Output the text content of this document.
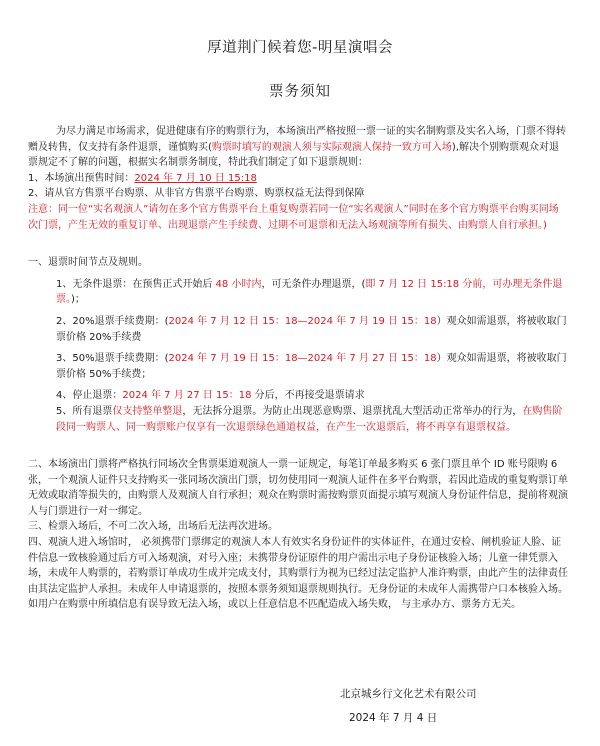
厚道荆门候着您-明星演唱会
票务须知

为尽力满足市场需求，促进健康有序的购票行为，本场演出严格按照一票一证的实名制购票及实名入场，门票不得转赠及转售，仅支持有条件退票，谨慎购买(购票时填写的观演人须与实际观演人保持一致方可入场),解决个别购票观众对退票规定不了解的问题，根据实名制票务制度，特此我们制定了如下退票规则：

1、本场演出预售时间：2024 年 7 月 10 日 15:18

2、请从官方售票平台购票、从非官方售票平台购票、购票权益无法得到保障

注意：同一位“实名观演人”请勿在多个官方售票平台上重复购票若同一位“实名观演人”同时在多个官方购票平台购买同场次门票，产生无效的重复订单、出现退票产生手续费、过期不可退票和无法入场观演等所有损失、由购票人自行承担。)

一、退票时间节点及规则。

1、无条件退票：在预售正式开始后 48 小时内，可无条件办理退票，(即 7 月 12 日 15:18 分前，可办理无条件退票。)；

2、20%退票手续费期：(2024 年 7 月 12 日 15：18—2024 年 7 月 19 日 15：18）观众如需退票，将被收取门票价格 20%手续费

3、50%退票手续费期：(2024 年 7 月 19 日 15：18—2024 年 7 月 27 日 15：18）观众如需退票，将被收取门票价格 50%手续费；

4、停止退票：2024 年 7 月 27 日 15：18 分后，不再接受退票请求

5、所有退票仅支持整单整退，无法拆分退票。为防止出现恶意购票、退票扰乱大型活动正常举办的行为，在购售阶段同一购票人、同一购票账户仅享有一次退票绿色通道权益，在产生一次退票后，将不再享有退票权益。

二、本场演出门票将严格执行同场次全售票渠道观演人一票一证规定，每笔订单最多购买 6 张门票且单个 ID 账号限购 6 张，一个观演人证件只支持购买一张同场次演出门票，切勿使用同一观演人证件在多平台购票，若因此造成的重复购票订单无效或取消等损失的，由购票人及观演人自行承担；观众在购票时需按购票页面提示填写观演人身份证件信息，提前将观演人与门票进行一对一绑定。

三、检票入场后，不可二次入场，出场后无法再次进场。

四、观演人进入场馆时， 必须携带门票绑定的观演人本人有效实名身份证件的实体证件，在通过安检、闸机验证人脸、证件信息一致核验通过后方可入场观演，对号入座；未携带身份证原件的用户需出示电子身份证核验入场；儿童一律凭票入场，未成年人购票的，若购票订单成功生成并完成支付，其购票行为视为已经过法定监护人准许购票，由此产生的法律责任由其法定监护人承担。未成年人申请退票的，按照本票务须知退票规则执行。无身份证的未成年人需携带户口本核验入场。如用户在购票中所填信息有误导致无法入场，或以上任意信息不匹配造成入场失败， 与主承办方、票务方无关。

北京城乡行文化艺术有限公司
2024 年 7 月 4 日
